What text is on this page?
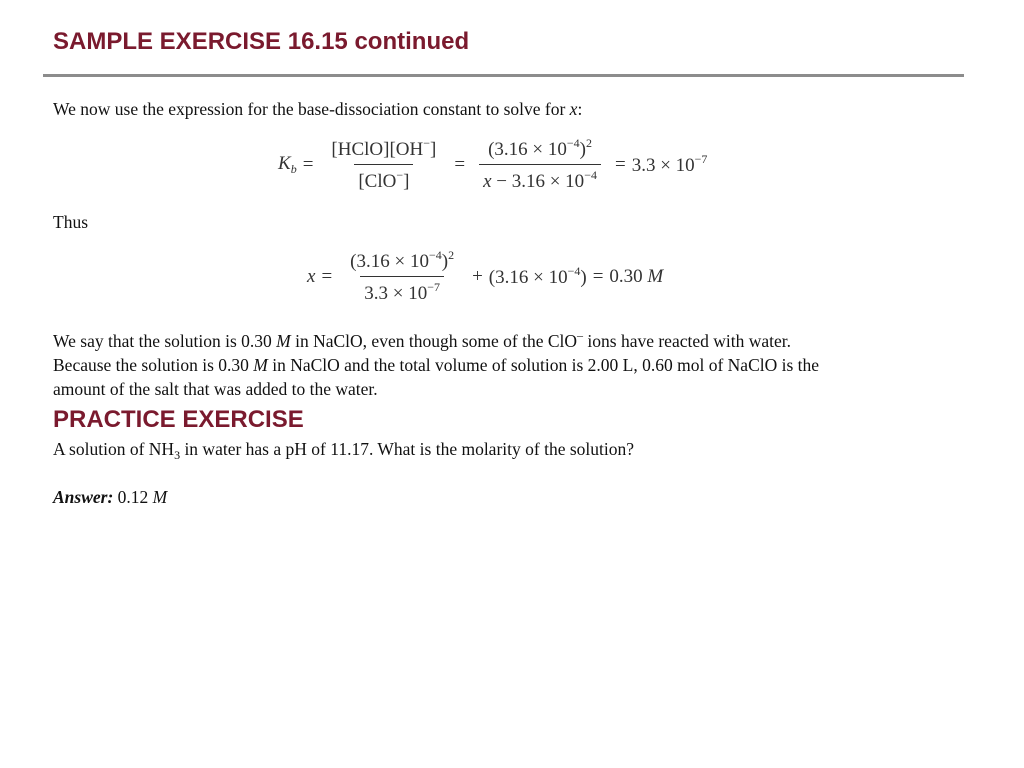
SAMPLE EXERCISE 16.15 continued

We now use the expression for the base-dissociation constant to solve for x:

$K_b = \frac{[HClO][OH^-]}{[ClO^-]} = \frac{(3.16 \times 10^{-4})^2}{x - 3.16 \times 10^{-4}} = 3.3 \times 10^{-7}$

Thus

$x = \frac{(3.16 \times 10^{-4})^2}{3.3 \times 10^{-7}} + (3.16 \times 10^{-4}) = 0.30$ M
We say that the solution is 0.30 M in NaClO, even though some of the ClO– ions have reacted with water.
Because the solution is 0.30 M in NaClO and the total volume of solution is 2.00 L, 0.60 mol of NaClO is the
amount of the salt that was added to the water.
PRACTICE EXERCISE

A solution of $NH_3$ in water has a pH of 11.17. What is the molarity of the solution?

Answer: 0.12 M
